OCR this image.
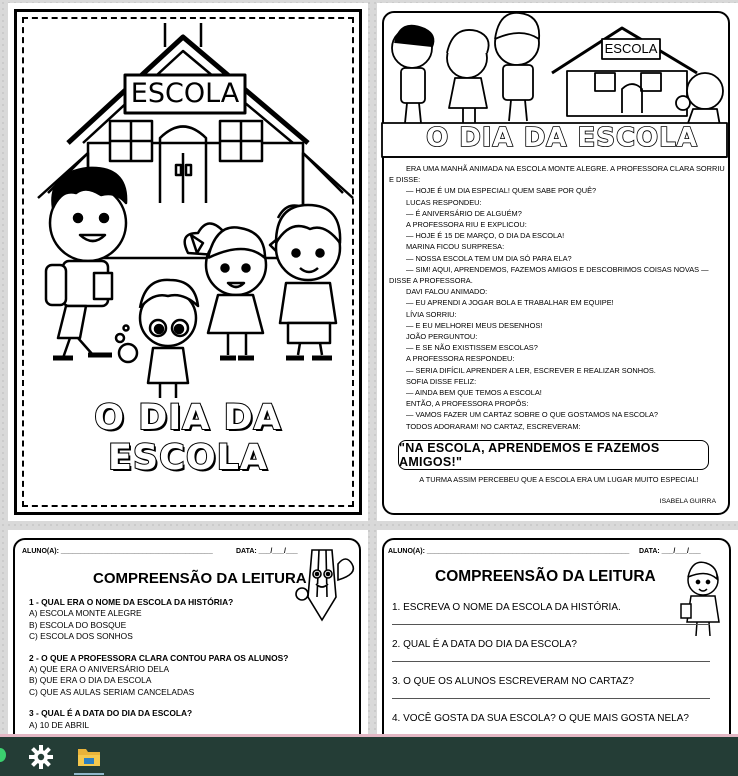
ESCOLA
O DIA DA ESCOLA
ESCOLA
O DIA DA ESCOLA
ERA UMA MANHÃ ANIMADA NA ESCOLA MONTE ALEGRE. A PROFESSORA CLARA SORRIU E DISSE:
— HOJE É UM DIA ESPECIAL! QUEM SABE POR QUÊ?
LUCAS RESPONDEU:
— É ANIVERSÁRIO DE ALGUÉM?
A PROFESSORA RIU E EXPLICOU:
— HOJE É 15 DE MARÇO, O DIA DA ESCOLA!
MARINA FICOU SURPRESA:
— NOSSA ESCOLA TEM UM DIA SÓ PARA ELA?
— SIM! AQUI, APRENDEMOS, FAZEMOS AMIGOS E DESCOBRIMOS COISAS NOVAS — DISSE A PROFESSORA.
DAVI FALOU ANIMADO:
— EU APRENDI A JOGAR BOLA E TRABALHAR EM EQUIPE!
LÍVIA SORRIU:
— E EU MELHOREI MEUS DESENHOS!
JOÃO PERGUNTOU:
— E SE NÃO EXISTISSEM ESCOLAS?
A PROFESSORA RESPONDEU:
— SERIA DIFÍCIL APRENDER A LER, ESCREVER E REALIZAR SONHOS.
SOFIA DISSE FELIZ:
— AINDA BEM QUE TEMOS A ESCOLA!
ENTÃO, A PROFESSORA PROPÔS:
— VAMOS FAZER UM CARTAZ SOBRE O QUE GOSTAMOS NA ESCOLA?
TODOS ADORARAM! NO CARTAZ, ESCREVERAM:
"NA ESCOLA, APRENDEMOS E FAZEMOS AMIGOS!"
A TURMA ASSIM PERCEBEU QUE A ESCOLA ERA UM LUGAR MUITO ESPECIAL!
ISABELA GUIRRA
ALUNO(A): _______________________________________	DATA: ___/___/___
COMPREENSÃO DA LEITURA
1 - QUAL ERA O NOME DA ESCOLA DA HISTÓRIA?
A) ESCOLA MONTE ALEGRE
B) ESCOLA DO BOSQUE
C) ESCOLA DOS SONHOS
2 - O QUE A PROFESSORA CLARA CONTOU PARA OS ALUNOS?
A) QUE ERA O ANIVERSÁRIO DELA
B) QUE ERA O DIA DA ESCOLA
C) QUE AS AULAS SERIAM CANCELADAS
3 - QUAL É A DATA DO DIA DA ESCOLA?
A) 10 DE ABRIL
ALUNO(A): ____________________________________________________ DATA: ___/___/___
COMPREENSÃO DA LEITURA
1. ESCREVA O NOME DA ESCOLA DA HISTÓRIA.
2. QUAL É A DATA DO DIA DA ESCOLA?
3. O QUE OS ALUNOS ESCREVERAM NO CARTAZ?
4. VOCÊ GOSTA DA SUA ESCOLA? O QUE MAIS GOSTA NELA?
